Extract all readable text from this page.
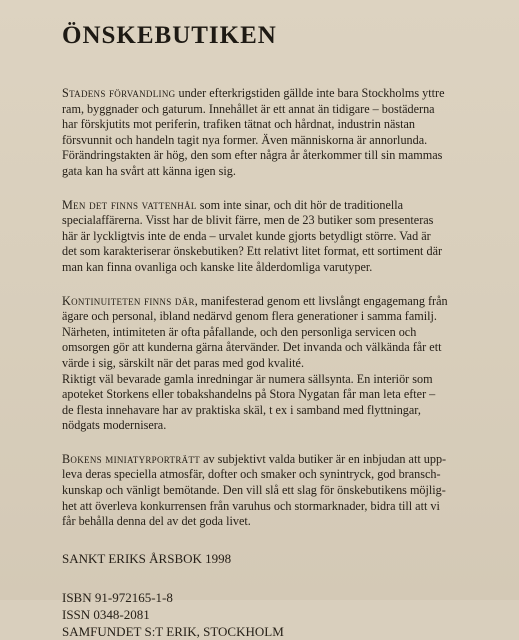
ÖNSKEBUTIKEN

Stadens förvandling under efterkrigstiden gällde inte bara Stockholms yttre
ram, byggnader och gaturum. Innehållet är ett annat än tidigare – bostäderna
har förskjutits mot periferin, trafiken tätnat och hårdnat, industrin nästan
försvunnit och handeln tagit nya former. Även människorna är annorlunda.
Förändringstakten är hög, den som efter några år återkommer till sin mammas
gata kan ha svårt att känna igen sig.

Men det finns vattenhål som inte sinar, och dit hör de traditionella
specialaffärerna. Visst har de blivit färre, men de 23 butiker som presenteras
här är lyckligtvis inte de enda – urvalet kunde gjorts betydligt större. Vad är
det som karakteriserar önskebutiken? Ett relativt litet format, ett sortiment där
man kan finna ovanliga och kanske lite ålderdomliga varutyper.

Kontinuiteten finns där, manifesterad genom ett livslångt engagemang från
ägare och personal, ibland nedärvd genom flera generationer i samma familj.
Närheten, intimiteten är ofta påfallande, och den personliga servicen och
omsorgen gör att kunderna gärna återvänder. Det invanda och välkända får ett
värde i sig, särskilt när det paras med god kvalité.

Riktigt väl bevarade gamla inredningar är numera sällsynta. En interiör som
apoteket Storkens eller tobakshandelns på Stora Nygatan får man leta efter –
de flesta innehavare har av praktiska skäl, t ex i samband med flyttningar,
nödgats modernisera.

Bokens miniatyrporträtt av subjektivt valda butiker är en inbjudan att upp-
leva deras speciella atmosfär, dofter och smaker och synintryck, god bransch-
kunskap och vänligt bemötande. Den vill slå ett slag för önskebutikens möjlig-
het att överleva konkurrensen från varuhus och stormarknader, bidra till att vi
får behålla denna del av det goda livet.

SANKT ERIKS ÅRSBOK 1998
ISBN 91-972165-1-8
ISSN 0348-2081
SAMFUNDET S:T ERIK, STOCKHOLM
